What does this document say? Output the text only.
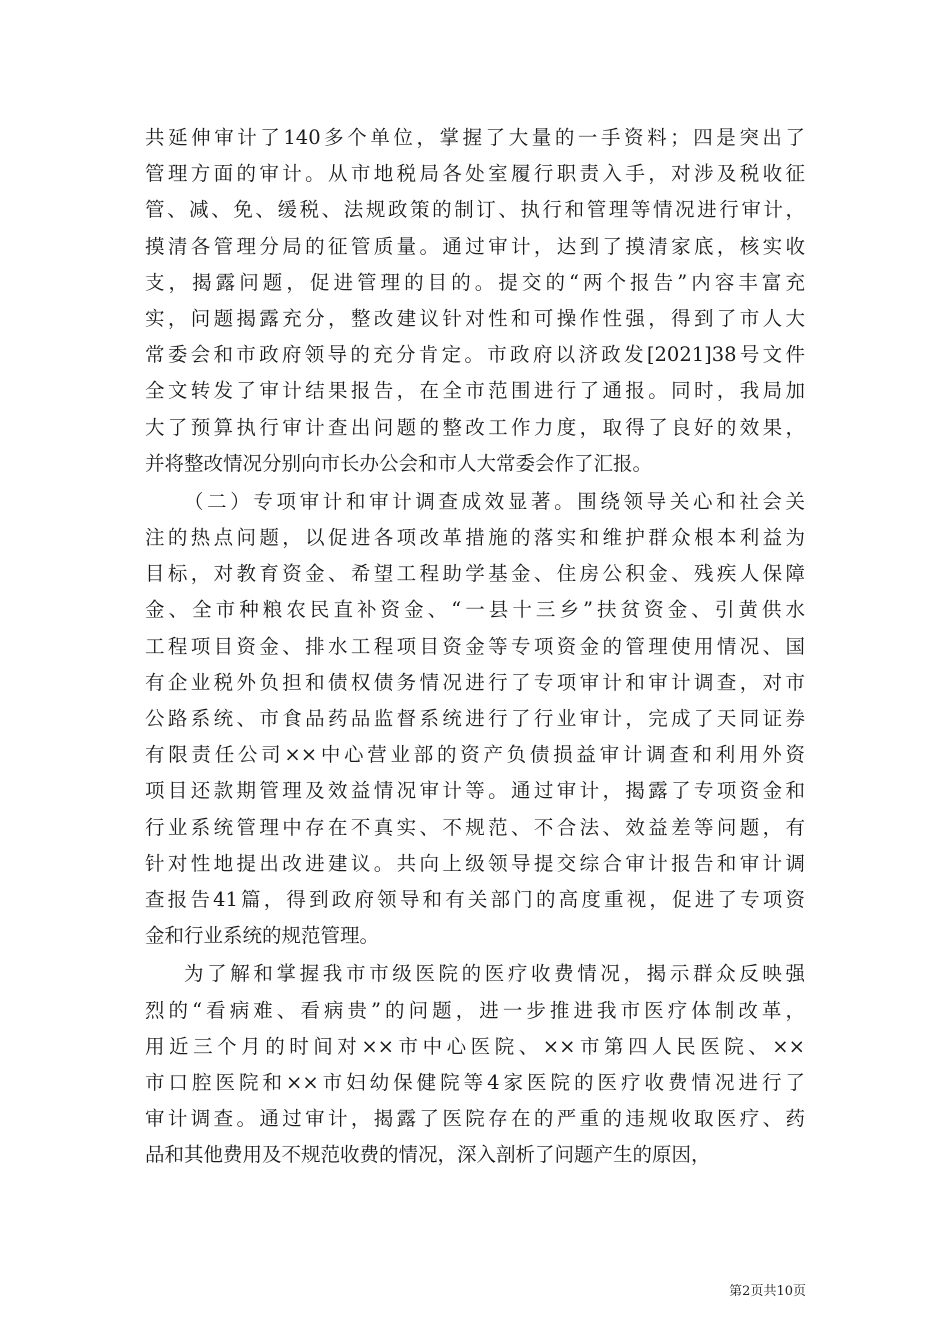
共延伸审计了140多个单位，掌握了大量的一手资料；四是突出了
管理方面的审计。从市地税局各处室履行职责入手，对涉及税收征
管、减、免、缓税、法规政策的制订、执行和管理等情况进行审计，
摸清各管理分局的征管质量。通过审计，达到了摸清家底，核实收
支，揭露问题，促进管理的目的。提交的“两个报告”内容丰富充
实，问题揭露充分，整改建议针对性和可操作性强，得到了市人大
常委会和市政府领导的充分肯定。市政府以济政发[2021]38号文件
全文转发了审计结果报告，在全市范围进行了通报。同时，我局加
大了预算执行审计查出问题的整改工作力度，取得了良好的效果，
并将整改情况分别向市长办公会和市人大常委会作了汇报。
（二）专项审计和审计调查成效显著。围绕领导关心和社会关
注的热点问题，以促进各项改革措施的落实和维护群众根本利益为
目标，对教育资金、希望工程助学基金、住房公积金、残疾人保障
金、全市种粮农民直补资金、“一县十三乡”扶贫资金、引黄供水
工程项目资金、排水工程项目资金等专项资金的管理使用情况、国
有企业税外负担和债权债务情况进行了专项审计和审计调查，对市
公路系统、市食品药品监督系统进行了行业审计，完成了天同证券
有限责任公司××中心营业部的资产负债损益审计调查和利用外资
项目还款期管理及效益情况审计等。通过审计，揭露了专项资金和
行业系统管理中存在不真实、不规范、不合法、效益差等问题，有
针对性地提出改进建议。共向上级领导提交综合审计报告和审计调
查报告41篇，得到政府领导和有关部门的高度重视，促进了专项资
金和行业系统的规范管理。
为了解和掌握我市市级医院的医疗收费情况，揭示群众反映强
烈的“看病难、看病贵”的问题，进一步推进我市医疗体制改革，
用近三个月的时间对××市中心医院、××市第四人民医院、××
市口腔医院和××市妇幼保健院等4家医院的医疗收费情况进行了
审计调查。通过审计，揭露了医院存在的严重的违规收取医疗、药
品和其他费用及不规范收费的情况，深入剖析了问题产生的原因，
第2页共10页
